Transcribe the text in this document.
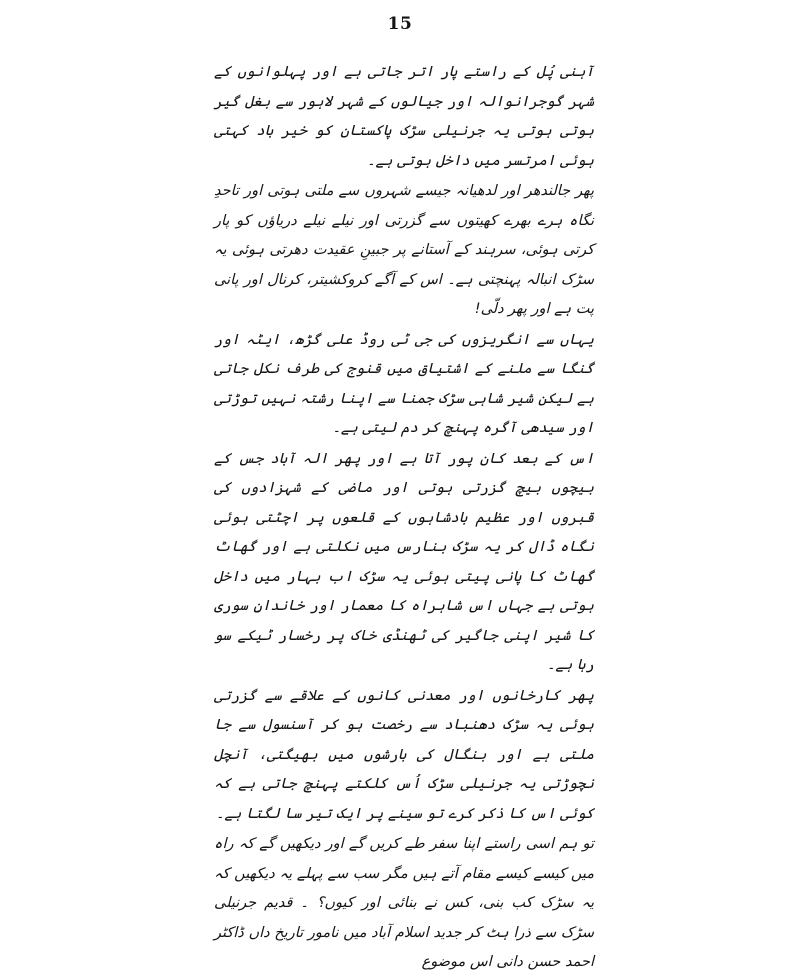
15

آہنی پُل کے راستے پار اتر جاتی ہے اور پہلوانوں کے شہر گوجرانوالہ اور جیالوں کے شہر لاہور سے بغل گیر ہوتی ہوتی یہ جرنیلی سڑک پاکستان کو خیر باد کہتی ہوئی امرتسر میں داخل ہوتی ہے۔

پھر جالندھر اور لدھیانہ جیسے شہروں سے ملتی ہوتی اور تاحدِ نگاہ ہرے بھرے کھیتوں سے گزرتی اور نیلے نیلے دریاؤں کو پار کرتی ہوئی، سرہند کے آستانے پر جبینِ عقیدت دھرتی ہوئی یہ سڑک انبالہ پہنچتی ہے۔ اس کے آگے کروکشیتر، کرنال اور پانی پت ہے اور پھر دلّی!

یہاں سے انگریزوں کی جی ٹی روڈ علی گڑھ، ایٹہ اور گنگا سے ملنے کے اشتیاق میں قنوج کی طرف نکل جاتی ہے لیکن شیر شاہی سڑک جمنا سے اپنا رشتہ نہیں توڑتی اور سیدھی آگرہ پہنچ کر دم لیتی ہے۔

اس کے بعد کان پور آتا ہے اور پھر الہ آباد جس کے بیچوں بیچ گزرتی ہوتی اور ماضی کے شہزادوں کی قبروں اور عظیم بادشاہوں کے قلعوں پر اچٹتی ہوئی نگاہ ڈال کر یہ سڑک بنارس میں نکلتی ہے اور گھاٹ گھاٹ کا پانی پیتی ہوئی یہ سڑک اب بہار میں داخل ہوتی ہے جہاں اس شاہراہ کا معمار اور خاندانِ سوری کا شیر اپنی جاگیر کی ٹھنڈی خاک پر رخسار ٹیکے سو رہا ہے۔

پھر کارخانوں اور معدنی کانوں کے علاقے سے گزرتی ہوئی یہ سڑک دھنباد سے رخصت ہو کر آسنسول سے جا ملتی ہے اور بنگال کی بارشوں میں بھیگتی، آنچل نچوڑتی یہ جرنیلی سڑک اُس کلکتے پہنچ جاتی ہے کہ کوئی اس کا ذکر کرے تو سینے پر ایک تیر سا لگتا ہے۔

تو ہم اسی راستے اپنا سفر طے کریں گے اور دیکھیں گے کہ راہ میں کیسے کیسے مقام آتے ہیں مگر سب سے پہلے یہ دیکھیں کہ یہ سڑک کب بنی، کس نے بنائی اور کیوں؟ ۔ قدیم جرنیلی سڑک سے ذرا ہٹ کر جدید اسلام آباد میں نامور تاریخ داں ڈاکٹر احمد حسن دانی اس موضوع
